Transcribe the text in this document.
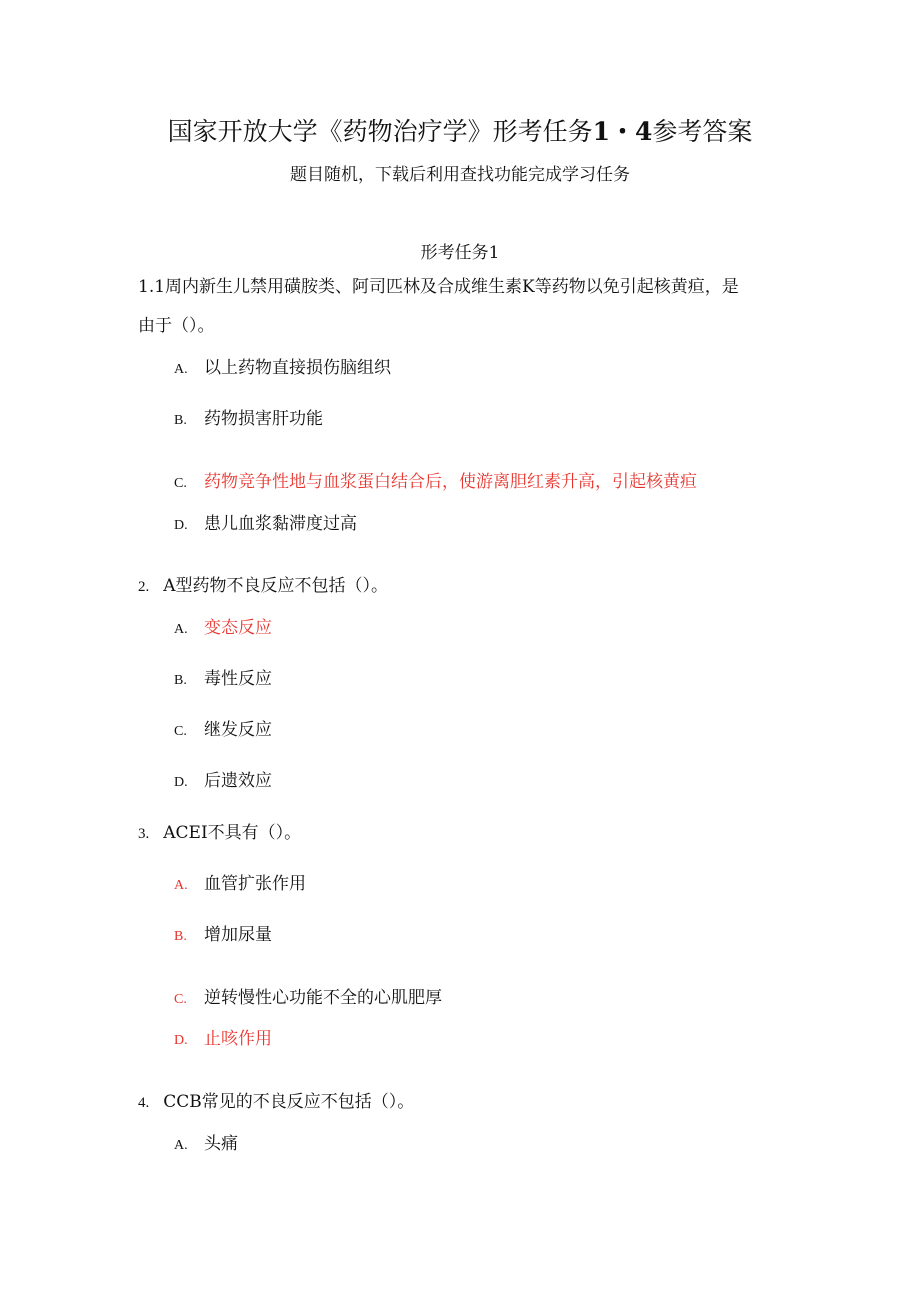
国家开放大学《药物治疗学》形考任务1・4参考答案
题目随机，下载后利用查找功能完成学习任务
形考任务1
1.1周内新生儿禁用磺胺类、阿司匹林及合成维生素K等药物以免引起核黄疸，是
由于（）。
A. 以上药物直接损伤脑组织
B. 药物损害肝功能
C. 药物竞争性地与血浆蛋白结合后，使游离胆红素升高，引起核黄疸
D. 患儿血浆黏滞度过高
2. A型药物不良反应不包括（）。
A. 变态反应
B. 毒性反应
C. 继发反应
D. 后遗效应
3. ACEI不具有（）。
A. 血管扩张作用
B. 增加尿量
C. 逆转慢性心功能不全的心肌肥厚
D. 止咳作用
4. CCB常见的不良反应不包括（）。
A. 头痛
